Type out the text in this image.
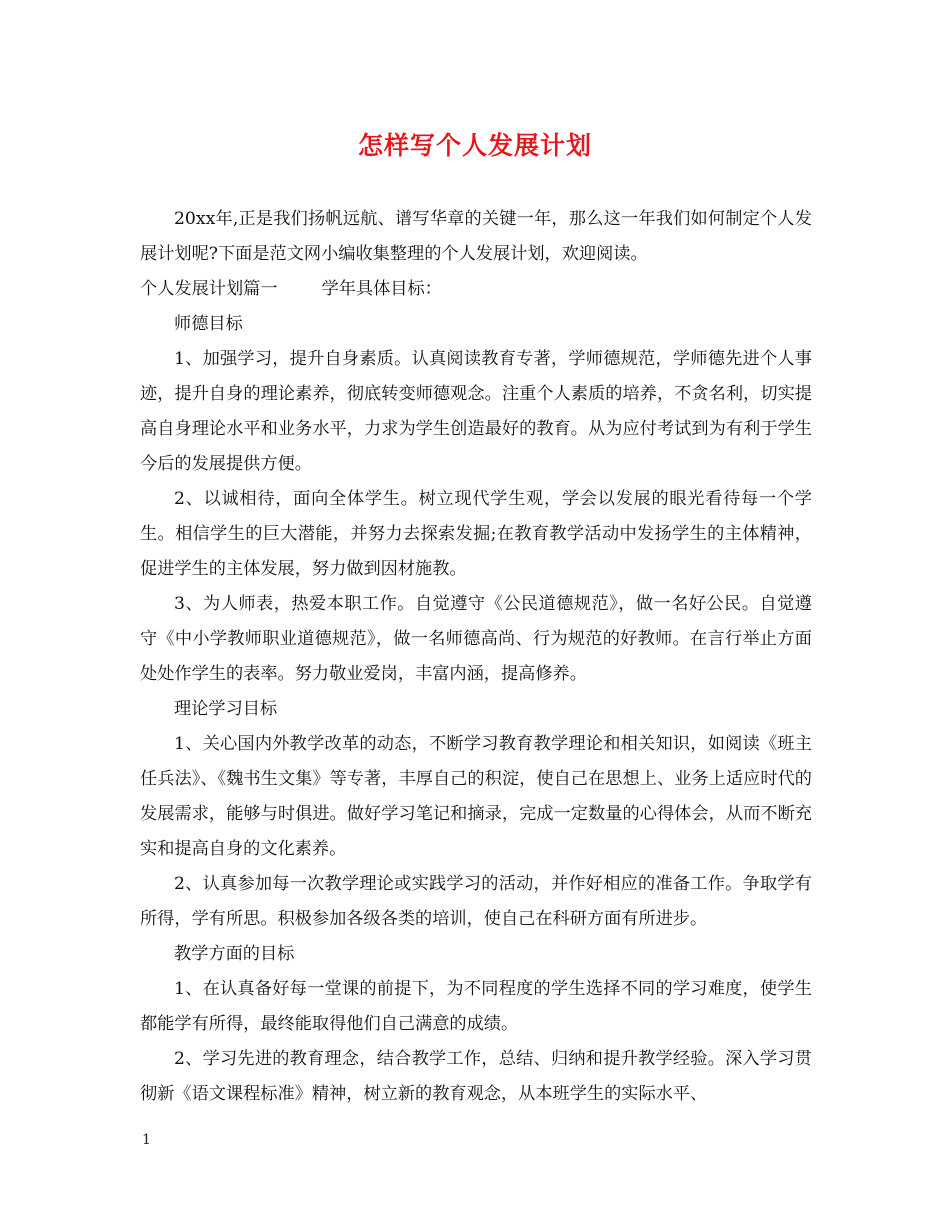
怎样写个人发展计划

20xx年,正是我们扬帆远航、谱写华章的关键一年，那么这一年我们如何制定个人发展计划呢?下面是范文网小编收集整理的个人发展计划，欢迎阅读。

个人发展计划篇一	学年具体目标：

师德目标

1、加强学习，提升自身素质。认真阅读教育专著，学师德规范，学师德先进个人事迹，提升自身的理论素养，彻底转变师德观念。注重个人素质的培养，不贪名利，切实提高自身理论水平和业务水平，力求为学生创造最好的教育。从为应付考试到为有利于学生今后的发展提供方便。

2、以诚相待，面向全体学生。树立现代学生观，学会以发展的眼光看待每一个学生。相信学生的巨大潜能，并努力去探索发掘;在教育教学活动中发扬学生的主体精神，促进学生的主体发展，努力做到因材施教。

3、为人师表，热爱本职工作。自觉遵守《公民道德规范》，做一名好公民。自觉遵守《中小学教师职业道德规范》，做一名师德高尚、行为规范的好教师。在言行举止方面处处作学生的表率。努力敬业爱岗，丰富内涵，提高修养。

理论学习目标

1、关心国内外教学改革的动态，不断学习教育教学理论和相关知识，如阅读《班主任兵法》、《魏书生文集》等专著，丰厚自己的积淀，使自己在思想上、业务上适应时代的发展需求，能够与时俱进。做好学习笔记和摘录，完成一定数量的心得体会，从而不断充实和提高自身的文化素养。

2、认真参加每一次教学理论或实践学习的活动，并作好相应的准备工作。争取学有所得，学有所思。积极参加各级各类的培训，使自己在科研方面有所进步。

教学方面的目标

1、在认真备好每一堂课的前提下，为不同程度的学生选择不同的学习难度，使学生都能学有所得，最终能取得他们自己满意的成绩。

2、学习先进的教育理念，结合教学工作，总结、归纳和提升教学经验。深入学习贯彻新《语文课程标准》精神，树立新的教育观念，从本班学生的实际水平、

1
